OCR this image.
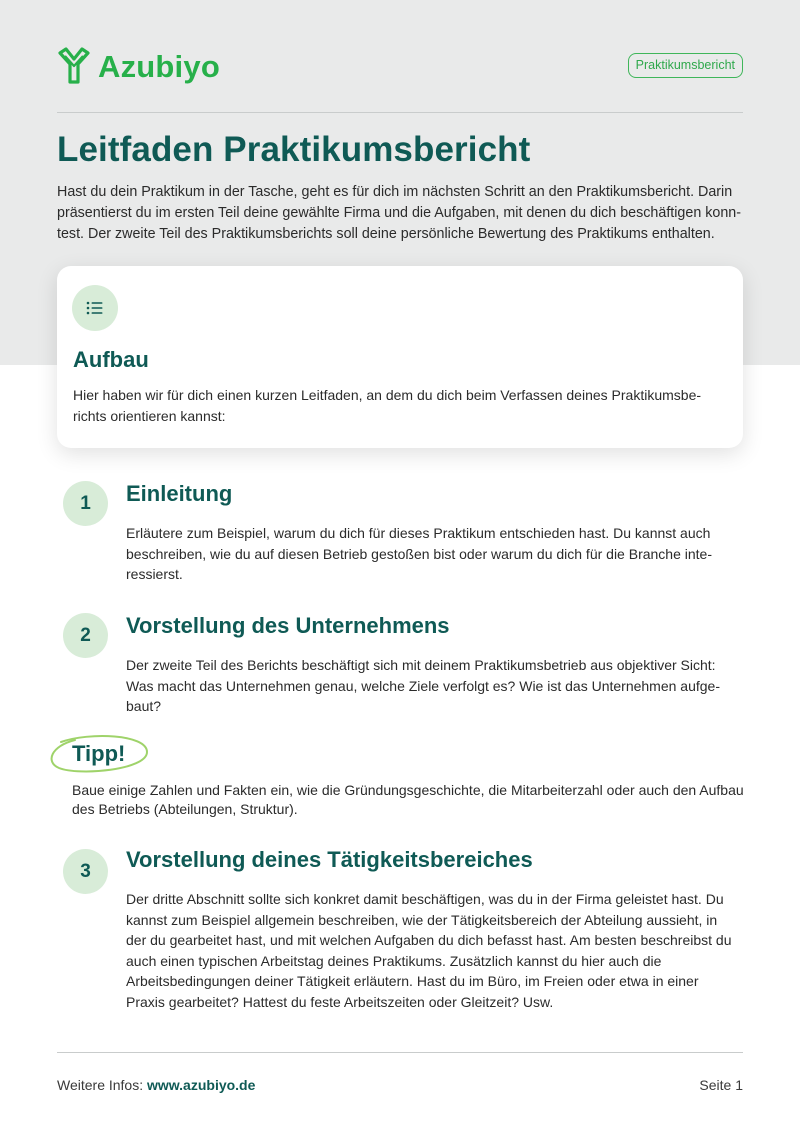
Azubiyo	Praktikumsbericht
Leitfaden Praktikumsbericht

Hast du dein Praktikum in der Tasche, geht es für dich im nächsten Schritt an den Praktikumsbericht. Darin präsentierst du im ersten Teil deine gewählte Firma und die Aufgaben, mit denen du dich beschäftigen konntest. Der zweite Teil des Praktikumsberichts soll deine persönliche Bewertung des Praktikums enthalten.

Aufbau

Hier haben wir für dich einen kurzen Leitfaden, an dem du dich beim Verfassen deines Praktikumsberichts orientieren kannst:

1	Einleitung

Erläutere zum Beispiel, warum du dich für dieses Praktikum entschieden hast. Du kannst auch beschreiben, wie du auf diesen Betrieb gestoßen bist oder warum du dich für die Branche interessierst.

2	Vorstellung des Unternehmens

Der zweite Teil des Berichts beschäftigt sich mit deinem Praktikumsbetrieb aus objektiver Sicht: Was macht das Unternehmen genau, welche Ziele verfolgt es? Wie ist das Unternehmen aufgebaut?

Tipp!

Baue einige Zahlen und Fakten ein, wie die Gründungsgeschichte, die Mitarbeiterzahl oder auch den Aufbau des Betriebs (Abteilungen, Struktur).

3	Vorstellung deines Tätigkeitsbereiches

Der dritte Abschnitt sollte sich konkret damit beschäftigen, was du in der Firma geleistet hast. Du kannst zum Beispiel allgemein beschreiben, wie der Tätigkeitsbereich der Abteilung aussieht, in der du gearbeitet hast, und mit welchen Aufgaben du dich befasst hast. Am besten beschreibst du auch einen typischen Arbeitstag deines Praktikums. Zusätzlich kannst du hier auch die Arbeitsbedingungen deiner Tätigkeit erläutern. Hast du im Büro, im Freien oder etwa in einer Praxis gearbeitet? Hattest du feste Arbeitszeiten oder Gleitzeit? Usw.

Weitere Infos: www.azubiyo.de	Seite 1
